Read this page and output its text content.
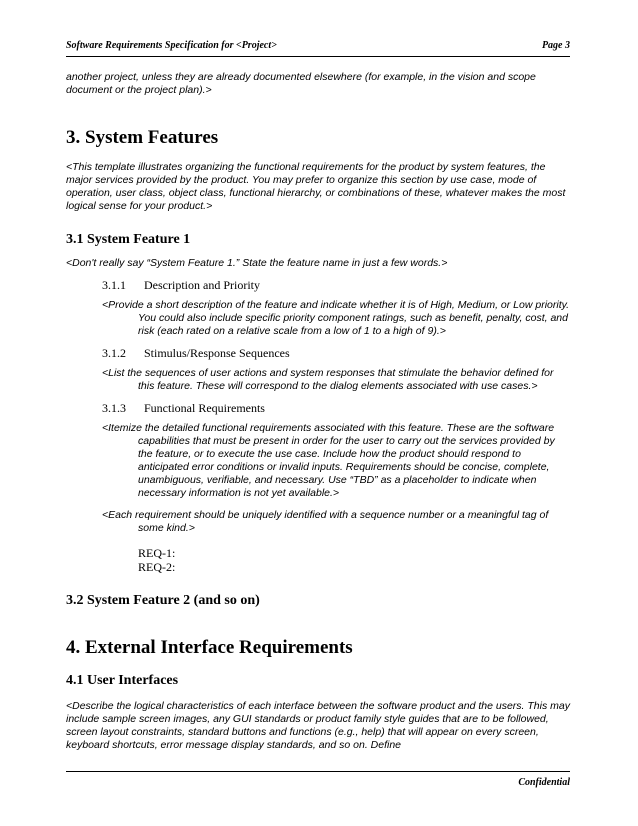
Software Requirements Specification for <Project>	Page 3

another project, unless they are already documented elsewhere (for example, in the vision and scope document or the project plan).>

3. System Features

<This template illustrates organizing the functional requirements for the product by system features, the major services provided by the product. You may prefer to organize this section by use case, mode of operation, user class, object class, functional hierarchy, or combinations of these, whatever makes the most logical sense for your product.>

3.1 System Feature 1

<Don't really say “System Feature 1.” State the feature name in just a few words.>

3.1.1 Description and Priority

<Provide a short description of the feature and indicate whether it is of High, Medium, or Low priority. You could also include specific priority component ratings, such as benefit, penalty, cost, and risk (each rated on a relative scale from a low of 1 to a high of 9).>

3.1.2 Stimulus/Response Sequences

<List the sequences of user actions and system responses that stimulate the behavior defined for this feature. These will correspond to the dialog elements associated with use cases.>

3.1.3 Functional Requirements

<Itemize the detailed functional requirements associated with this feature. These are the software capabilities that must be present in order for the user to carry out the services provided by the feature, or to execute the use case. Include how the product should respond to anticipated error conditions or invalid inputs. Requirements should be concise, complete, unambiguous, verifiable, and necessary. Use “TBD” as a placeholder to indicate when necessary information is not yet available.>

<Each requirement should be uniquely identified with a sequence number or a meaningful tag of some kind.>

REQ-1:
REQ-2:
3.2 System Feature 2 (and so on)
4. External Interface Requirements
4.1 User Interfaces

<Describe the logical characteristics of each interface between the software product and the users. This may include sample screen images, any GUI standards or product family style guides that are to be followed, screen layout constraints, standard buttons and functions (e.g., help) that will appear on every screen, keyboard shortcuts, error message display standards, and so on. Define

Confidential
